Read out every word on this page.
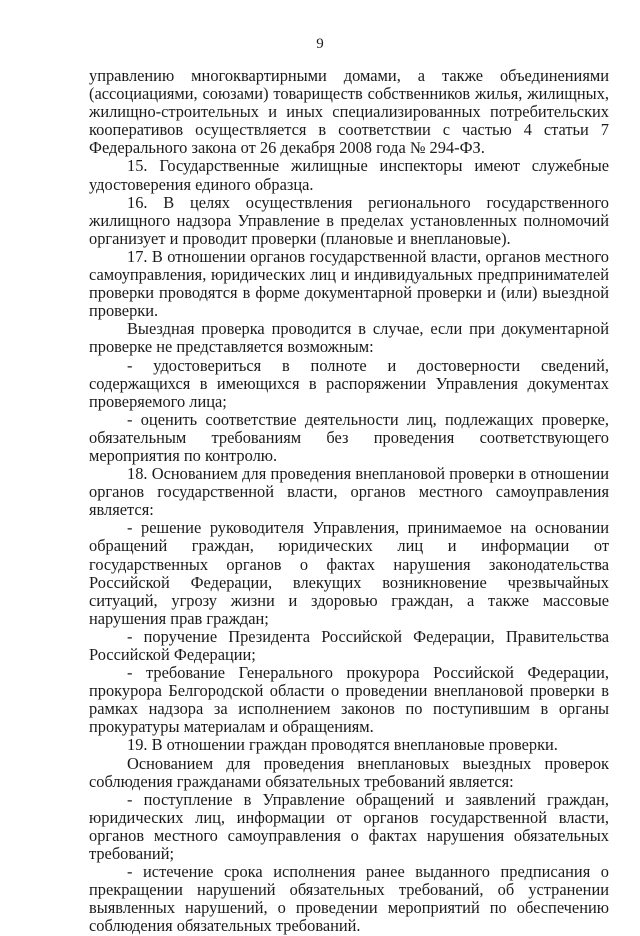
9

управлению многоквартирными домами, а также объединениями (ассоциациями, союзами) товариществ собственников жилья, жилищных, жилищно-строительных и иных специализированных потребительских кооперативов осуществляется в соответствии с частью 4 статьи 7 Федерального закона от 26 декабря 2008 года № 294-ФЗ.

15. Государственные жилищные инспекторы имеют служебные удостоверения единого образца.

16. В целях осуществления регионального государственного жилищного надзора Управление в пределах установленных полномочий организует и проводит проверки (плановые и внеплановые).

17. В отношении органов государственной власти, органов местного самоуправления, юридических лиц и индивидуальных предпринимателей проверки проводятся в форме документарной проверки и (или) выездной проверки.

Выездная проверка проводится в случае, если при документарной проверке не представляется возможным:

- удостовериться в полноте и достоверности сведений, содержащихся в имеющихся в распоряжении Управления документах проверяемого лица;

- оценить соответствие деятельности лиц, подлежащих проверке, обязательным требованиям без проведения соответствующего мероприятия по контролю.

18. Основанием для проведения внеплановой проверки в отношении органов государственной власти, органов местного самоуправления является:

- решение руководителя Управления, принимаемое на основании обращений граждан, юридических лиц и информации от государственных органов о фактах нарушения законодательства Российской Федерации, влекущих возникновение чрезвычайных ситуаций, угрозу жизни и здоровью граждан, а также массовые нарушения прав граждан;

- поручение Президента Российской Федерации, Правительства Российской Федерации;

- требование Генерального прокурора Российской Федерации, прокурора Белгородской области о проведении внеплановой проверки в рамках надзора за исполнением законов по поступившим в органы прокуратуры материалам и обращениям.

19. В отношении граждан проводятся внеплановые проверки.

Основанием для проведения внеплановых выездных проверок соблюдения гражданами обязательных требований является:

- поступление в Управление обращений и заявлений граждан, юридических лиц, информации от органов государственной власти, органов местного самоуправления о фактах нарушения обязательных требований;

- истечение срока исполнения ранее выданного предписания о прекращении нарушений обязательных требований, об устранении выявленных нарушений, о проведении мероприятий по обеспечению соблюдения обязательных требований.
